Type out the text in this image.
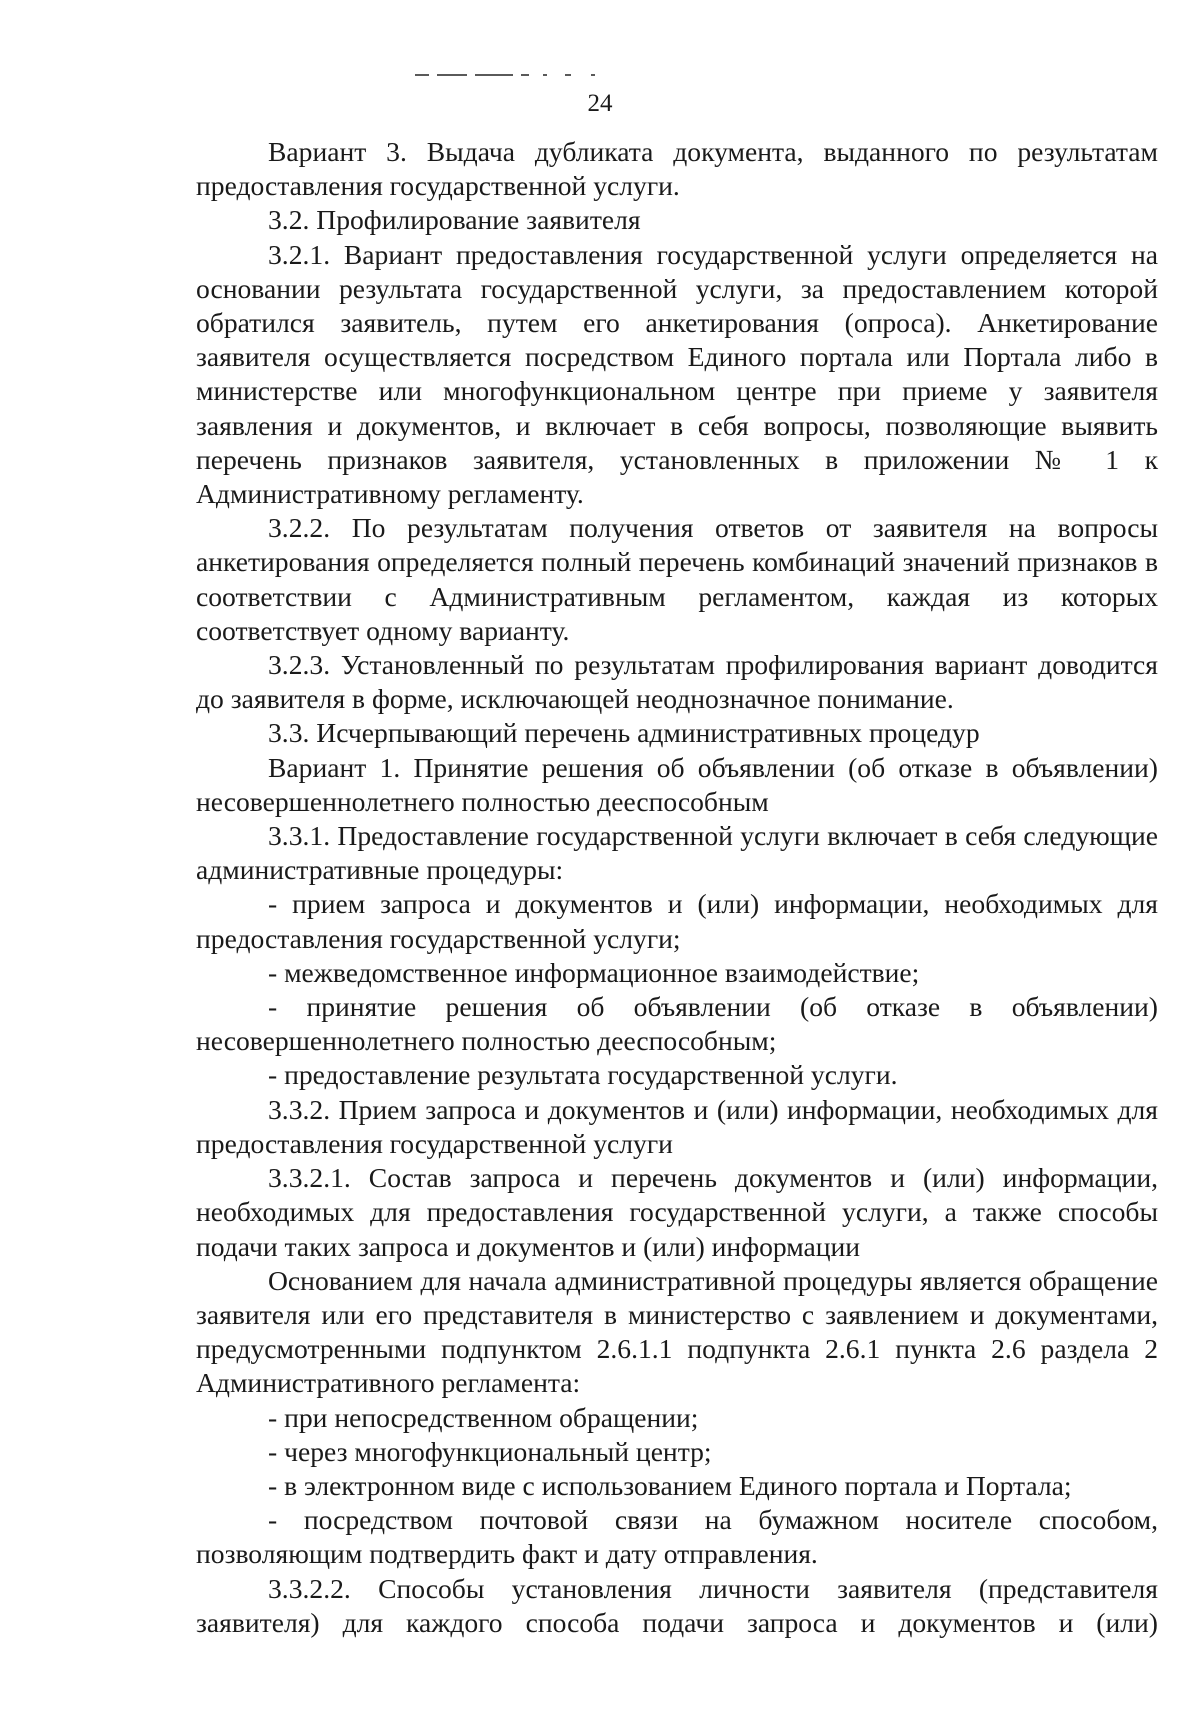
24

Вариант 3. Выдача дубликата документа, выданного по результатам предоставления государственной услуги.

3.2. Профилирование заявителя

3.2.1. Вариант предоставления государственной услуги определяется на основании результата государственной услуги, за предоставлением которой обратился заявитель, путем его анкетирования (опроса). Анкетирование заявителя осуществляется посредством Единого портала или Портала либо в министерстве или многофункциональном центре при приеме у заявителя заявления и документов, и включает в себя вопросы, позволяющие выявить перечень признаков заявителя, установленных в приложении № 1 к Административному регламенту.

3.2.2. По результатам получения ответов от заявителя на вопросы анкетирования определяется полный перечень комбинаций значений признаков в соответствии с Административным регламентом, каждая из которых соответствует одному варианту.

3.2.3. Установленный по результатам профилирования вариант доводится до заявителя в форме, исключающей неоднозначное понимание.

3.3. Исчерпывающий перечень административных процедур

Вариант 1. Принятие решения об объявлении (об отказе в объявлении) несовершеннолетнего полностью дееспособным

3.3.1. Предоставление государственной услуги включает в себя следующие административные процедуры:

- прием запроса и документов и (или) информации, необходимых для предоставления государственной услуги;

- межведомственное информационное взаимодействие;

- принятие решения об объявлении (об отказе в объявлении) несовершеннолетнего полностью дееспособным;

- предоставление результата государственной услуги.

3.3.2. Прием запроса и документов и (или) информации, необходимых для предоставления государственной услуги

3.3.2.1. Состав запроса и перечень документов и (или) информации, необходимых для предоставления государственной услуги, а также способы подачи таких запроса и документов и (или) информации

Основанием для начала административной процедуры является обращение заявителя или его представителя в министерство с заявлением и документами, предусмотренными подпунктом 2.6.1.1 подпункта 2.6.1 пункта 2.6 раздела 2 Административного регламента:

- при непосредственном обращении;

- через многофункциональный центр;

- в электронном виде с использованием Единого портала и Портала;

- посредством почтовой связи на бумажном носителе способом, позволяющим подтвердить факт и дату отправления.

3.3.2.2. Способы установления личности заявителя (представителя заявителя) для каждого способа подачи запроса и документов и (или)
